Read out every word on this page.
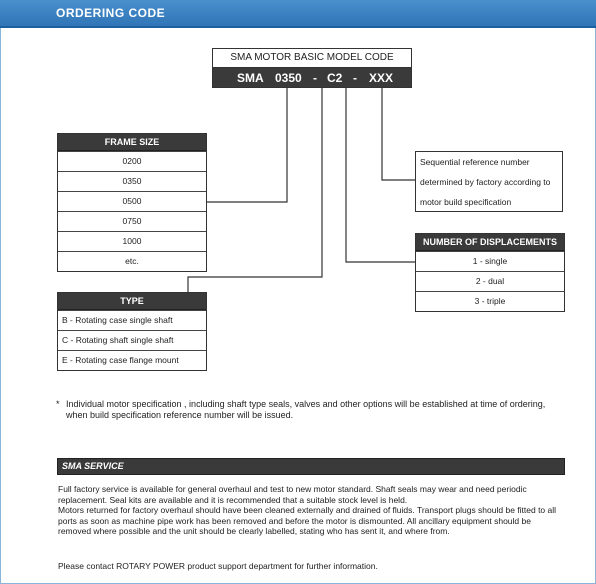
ORDERING CODE
SMA MOTOR BASIC MODEL CODE
SMA 0350 - C2 - XXX
FRAME SIZE
0200
0350
0500
0750
1000
etc.
TYPE
B - Rotating case single shaft
C - Rotating shaft single shaft
E - Rotating case flange mount
Sequential reference number
determined by factory according to
motor build specification
NUMBER OF DISPLACEMENTS
1 - single
2 - dual
3 - triple
* Individual motor specification , including shaft type seals, valves and other options will be established at time of ordering, when build specification reference number will be issued.
SMA SERVICE

Full factory service is available for general overhaul and test to new motor standard. Shaft seals may wear and need periodic replacement. Seal kits are available and it is recommended that a suitable stock level is held.

Motors returned for factory overhaul should have been cleaned externally and drained of fluids. Transport plugs should be fitted to all ports as soon as machine pipe work has been removed and before the motor is dismounted. All ancillary equipment should be removed where possible and the unit should be clearly labelled, stating who has sent it, and where from.

Please contact ROTARY POWER product support department for further information.
